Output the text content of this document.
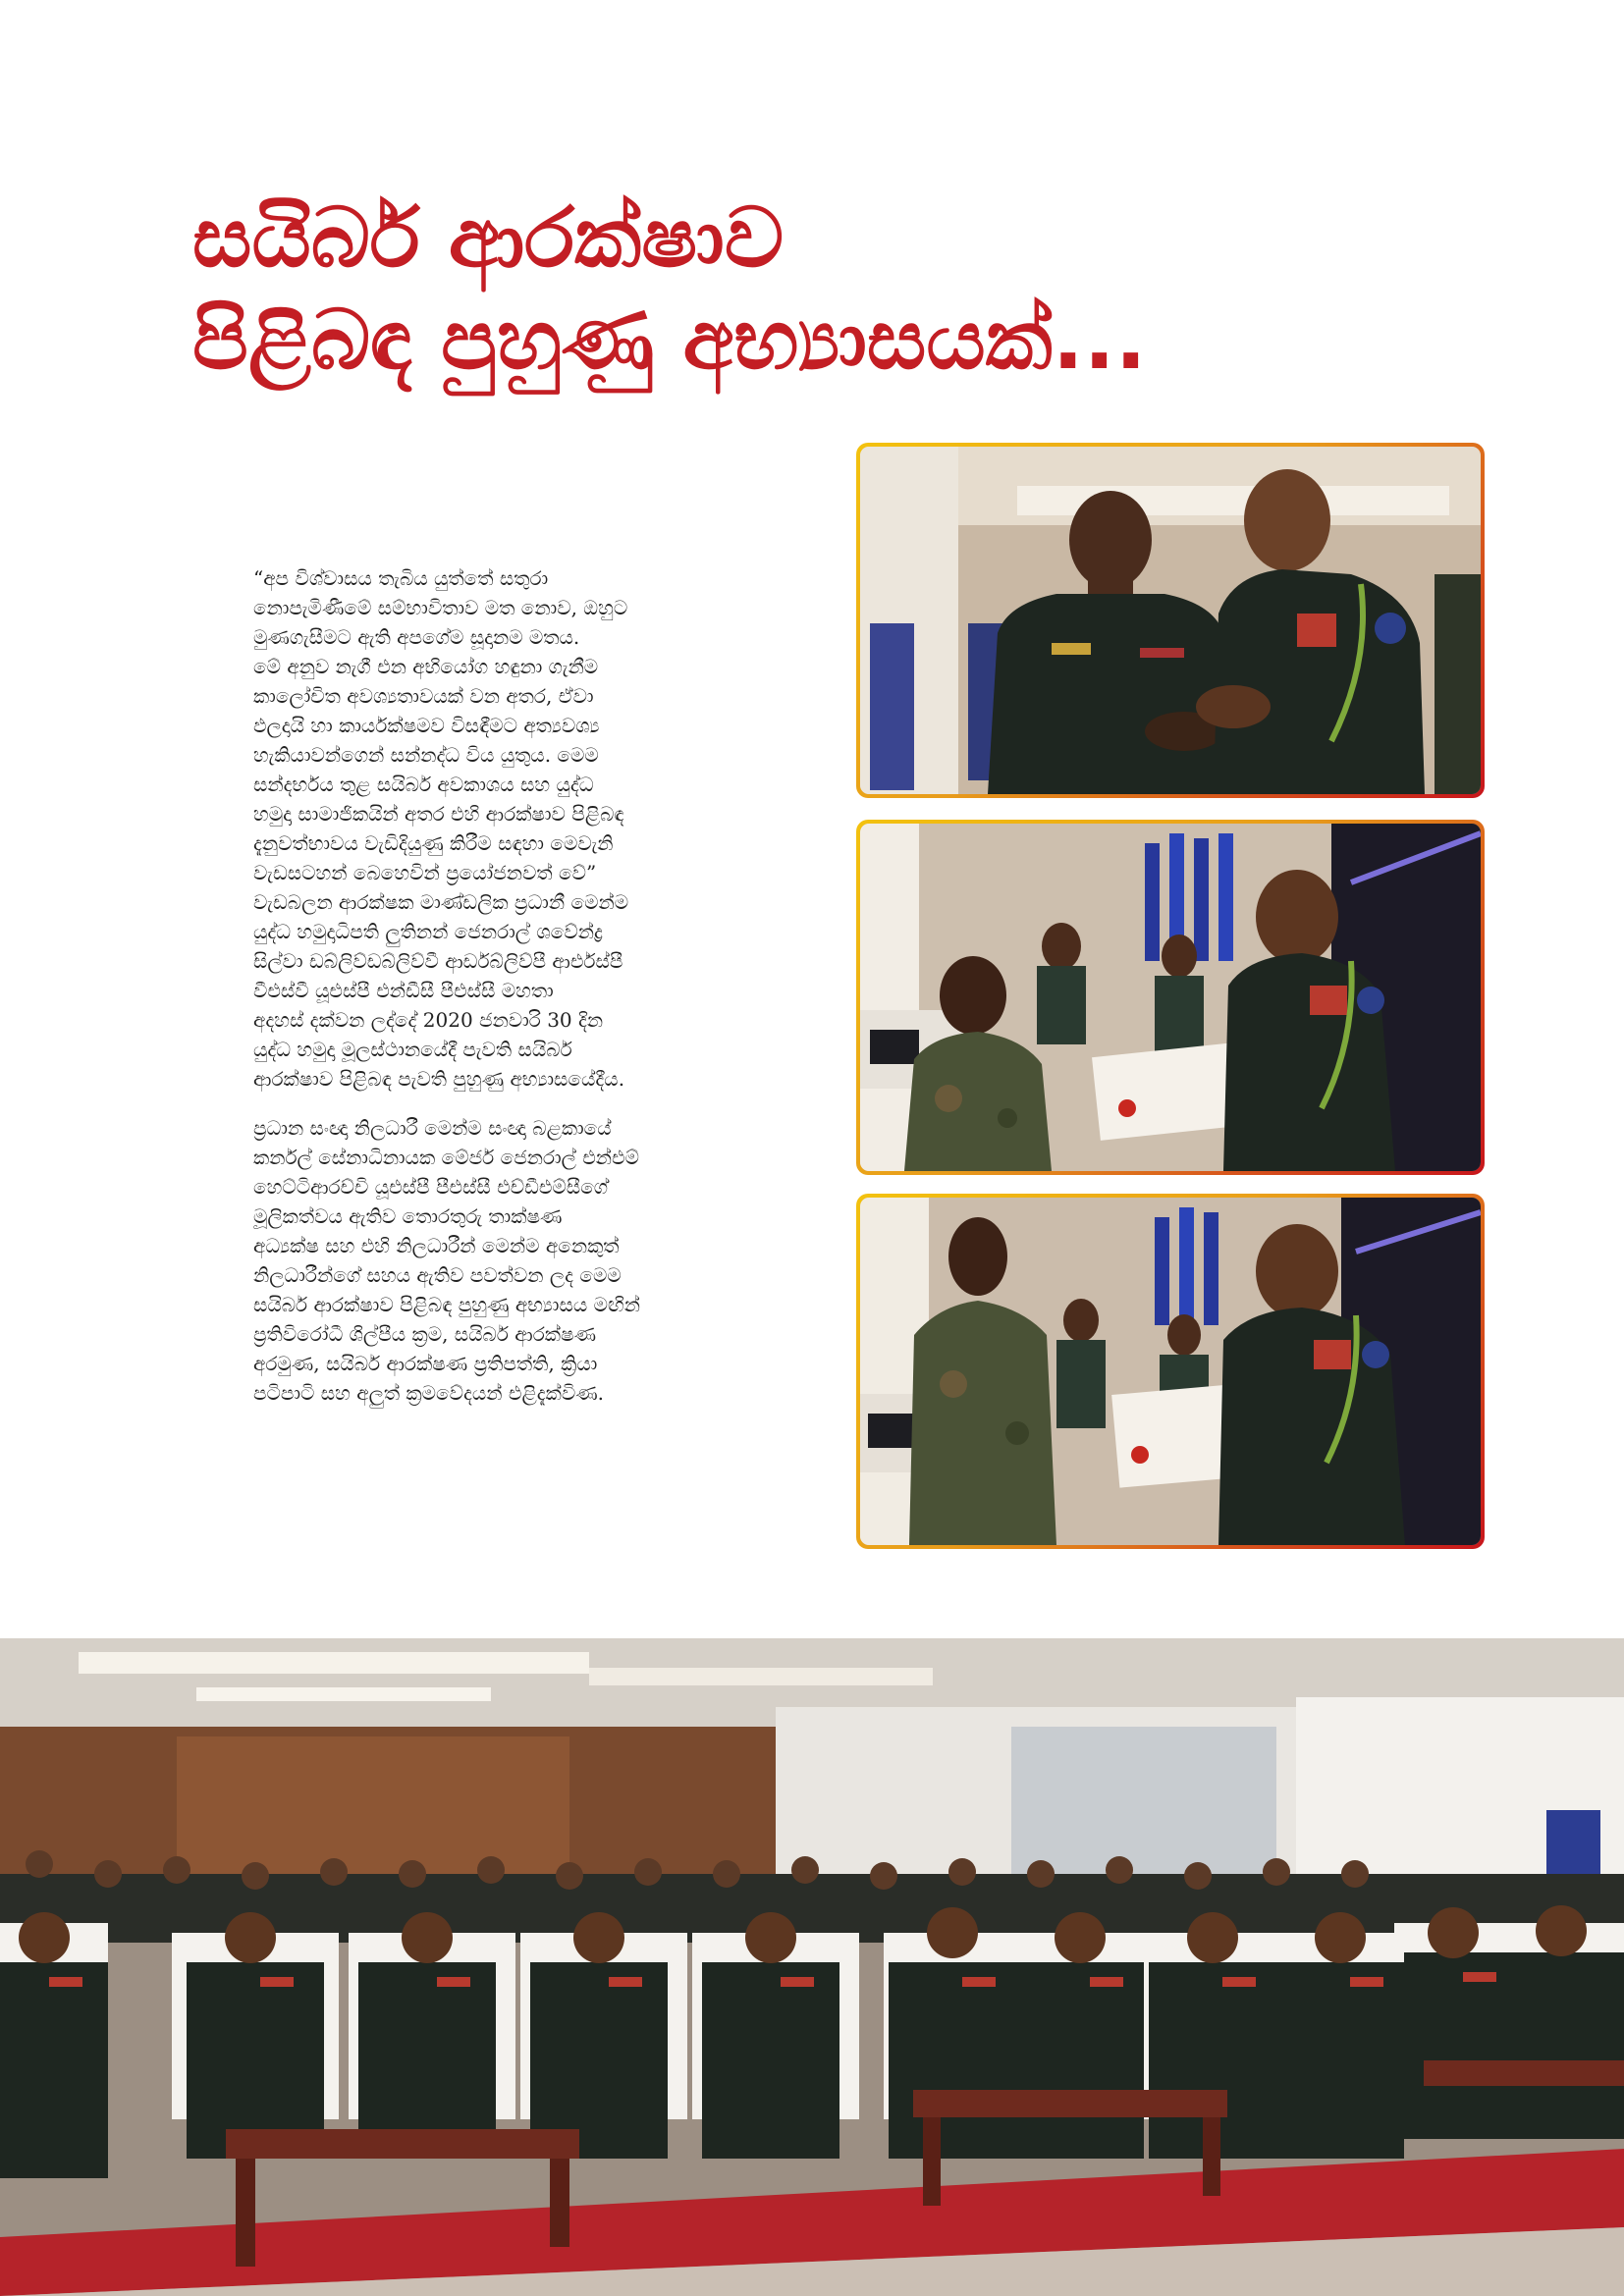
සයිබර් ආරක්ෂාව
පිළිබඳ පුහුණු අභ්‍යාසයක්...

“අප විශ්වාසය තැබිය යුත්තේ සතුරා
නොපැමිණීමේ සම්භාවිතාව මත නොව, ඔහුට
මුණගැසීමට ඇති අපගේම සූදානම මතය.
මේ අනුව නැගී එන අභියෝග හඳුනා ගැනීම
කාලෝචිත අවශ්‍යතාවයක් වන අතර, ඒවා
ඵලදායි හා කාර්යක්ෂමව විසඳීමට අත්‍යවශ්‍ය
හැකියාවන්ගෙන් සන්නද්ධ විය යුතුය. මෙම
සන්දර්භය තුළ සයිබර් අවකාශය සහ යුද්ධ
හමුදා සාමාජිකයින් අතර එහි ආරක්ෂාව පිළිබඳ
දැනුවත්භාවය වැඩිදියුණු කිරීම සඳහා මෙවැනි
වැඩසටහන් බෙහෙවින් ප්‍රයෝජනවත් වේ”
වැඩබලන ආරක්ෂක මාණ්ඩලික ප්‍රධානී මෙන්ම
යුද්ධ හමුදාධිපති ලුතිනන් ජෙනරාල් ශවේන්ද්‍ර
සිල්වා ඩබ්ලිව්ඩබ්ලිව්වී ආර්ඩබ්ලිව්පී ආර්එස්පී
වීඑස්වී යූඑස්පී එන්ඩීසී පීඑස්සී මහතා
අදහස් දක්වන ලද්දේ 2020 ජනවාරි 30 දින
යුද්ධ හමුදා මූලස්ථානයේදී පැවති සයිබර්
ආරක්ෂාව පිළිබඳ පැවති පුහුණු අභ්‍යාසයේදීය.

ප්‍රධාන සංඥා නිලධාරී මෙන්ම සංඥා බළකායේ
කර්නල් සේනාධිනායක මේජර් ජෙනරාල් එන්එම්
හෙට්ටිආරච්චි යූඑස්පී පීඑස්සී එච්ඩීඑම්සීගේ
මූලිකත්වය ඇතිව තොරතුරු තාක්ෂණ
අධ්‍යක්ෂ සහ එහි නිලධාරීන් මෙන්ම අනෙකුත්
නිලධාරීන්ගේ සහය ඇතිව පවත්වන ලද මෙම
සයිබර් ආරක්ෂාව පිළිබඳ පුහුණු අභ්‍යාසය මඟින්
ප්‍රතිවිරෝධී ශිල්පීය ක්‍රම, සයිබර් ආරක්ෂණ
අරමුණ, සයිබර් ආරක්ෂණ ප්‍රතිපත්ති, ක්‍රියා
පටිපාටි සහ අලුත් ක්‍රමවේදයන් එළිදැක්විණ.
